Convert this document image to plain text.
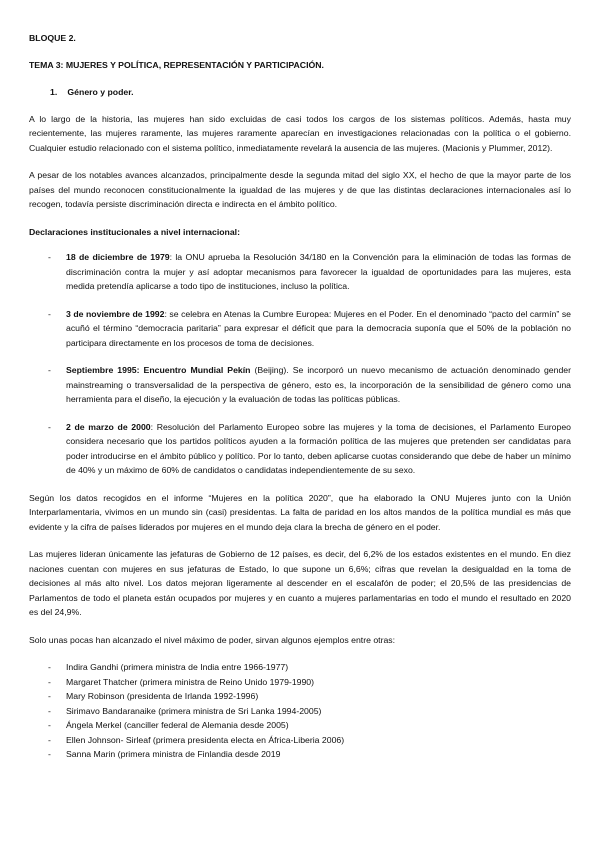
BLOQUE 2.
TEMA 3: MUJERES Y POLÍTICA, REPRESENTACIÓN Y PARTICIPACIÓN.
1. Género y poder.

A lo largo de la historia, las mujeres han sido excluidas de casi todos los cargos de los sistemas políticos. Además, hasta muy recientemente, las mujeres raramente, las mujeres raramente aparecían en investigaciones relacionadas con la política o el gobierno. Cualquier estudio relacionado con el sistema político, inmediatamente revelará la ausencia de las mujeres. (Macionis y Plummer, 2012).

A pesar de los notables avances alcanzados, principalmente desde la segunda mitad del siglo XX, el hecho de que la mayor parte de los países del mundo reconocen constitucionalmente la igualdad de las mujeres y de que las distintas declaraciones internacionales así lo recogen, todavía persiste discriminación directa e indirecta en el ámbito político.

Declaraciones institucionales a nivel internacional:
- 18 de diciembre de 1979: la ONU aprueba la Resolución 34/180 en la Convención para la eliminación de todas las formas de discriminación contra la mujer y así adoptar mecanismos para favorecer la igualdad de oportunidades para las mujeres, esta medida pretendía aplicarse a todo tipo de instituciones, incluso la política.
- 3 de noviembre de 1992: se celebra en Atenas la Cumbre Europea: Mujeres en el Poder. En el denominado “pacto del carmín” se acuñó el término “democracia paritaria” para expresar el déficit que para la democracia suponía que el 50% de la población no participara directamente en los procesos de toma de decisiones.
- Septiembre 1995: Encuentro Mundial Pekín (Beijing). Se incorporó un nuevo mecanismo de actuación denominado gender mainstreaming o transversalidad de la perspectiva de género, esto es, la incorporación de la sensibilidad de género como una herramienta para el diseño, la ejecución y la evaluación de todas las políticas públicas.
- 2 de marzo de 2000: Resolución del Parlamento Europeo sobre las mujeres y la toma de decisiones, el Parlamento Europeo considera necesario que los partidos políticos ayuden a la formación política de las mujeres que pretenden ser candidatas para poder introducirse en el ámbito público y político. Por lo tanto, deben aplicarse cuotas considerando que debe de haber un mínimo de 40% y un máximo de 60% de candidatos o candidatas independientemente de su sexo.

Según los datos recogidos en el informe “Mujeres en la política 2020”, que ha elaborado la ONU Mujeres junto con la Unión Interparlamentaria, vivimos en un mundo sin (casi) presidentas. La falta de paridad en los altos mandos de la política mundial es más que evidente y la cifra de países liderados por mujeres en el mundo deja clara la brecha de género en el poder.

Las mujeres lideran únicamente las jefaturas de Gobierno de 12 países, es decir, del 6,2% de los estados existentes en el mundo. En diez naciones cuentan con mujeres en sus jefaturas de Estado, lo que supone un 6,6%; cifras que revelan la desigualdad en la toma de decisiones al más alto nivel. Los datos mejoran ligeramente al descender en el escalafón de poder; el 20,5% de las presidencias de Parlamentos de todo el planeta están ocupados por mujeres y en cuanto a mujeres parlamentarias en todo el mundo el resultado en 2020 es del 24,9%.

Solo unas pocas han alcanzado el nivel máximo de poder, sirvan algunos ejemplos entre otras:

- Indira Gandhi (primera ministra de India entre 1966-1977)
- Margaret Thatcher (primera ministra de Reino Unido 1979-1990)
- Mary Robinson (presidenta de Irlanda 1992-1996)
- Sirimavo Bandaranaike (primera ministra de Sri Lanka 1994-2005)
- Ángela Merkel (canciller federal de Alemania desde 2005)
- Ellen Johnson- Sirleaf (primera presidenta electa en África-Liberia 2006)
- Sanna Marin (primera ministra de Finlandia desde 2019
